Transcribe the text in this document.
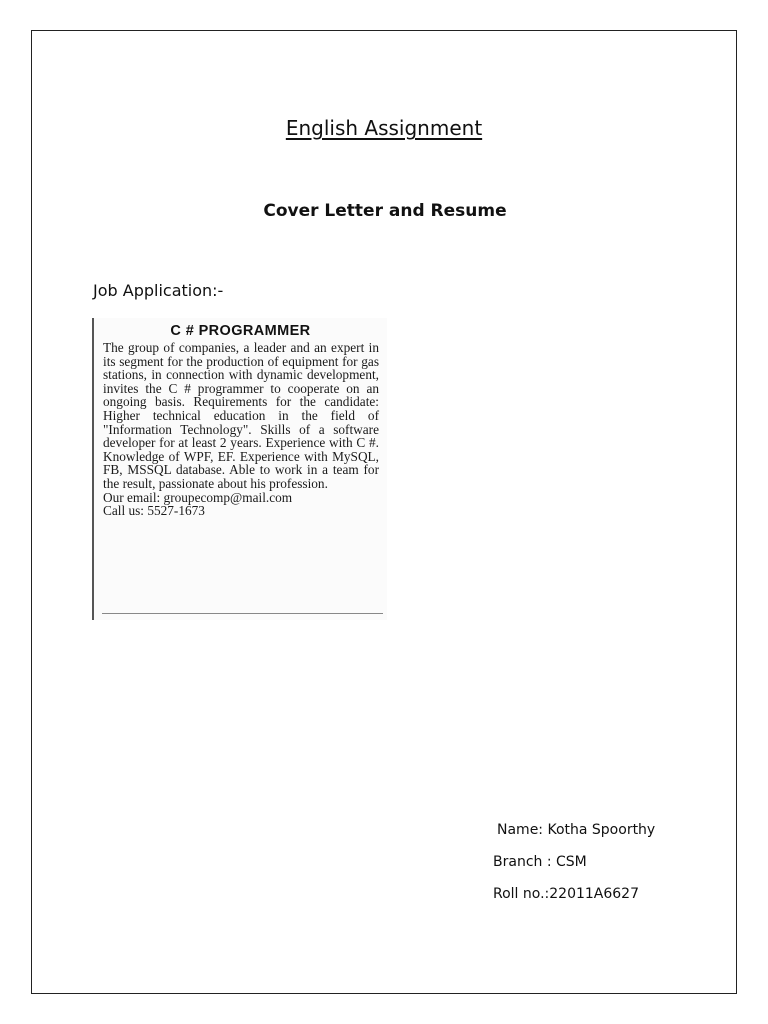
English Assignment
Cover Letter and Resume
Job Application:-
C # PROGRAMMER
The group of companies, a leader and an expert in its segment for the production of equipment for gas stations, in connection with dynamic development, invites the C # programmer to cooperate on an ongoing basis. Requirements for the candidate: Higher technical education in the field of "Information Technology". Skills of a software developer for at least 2 years. Experience with C #. Knowledge of WPF, EF. Experience with MySQL, FB, MSSQL database. Able to work in a team for the result, passionate about his profession.
Our email: groupecomp@mail.com
Call us: 5527-1673
Name: Kotha Spoorthy
Branch : CSM
Roll no.:22011A6627
